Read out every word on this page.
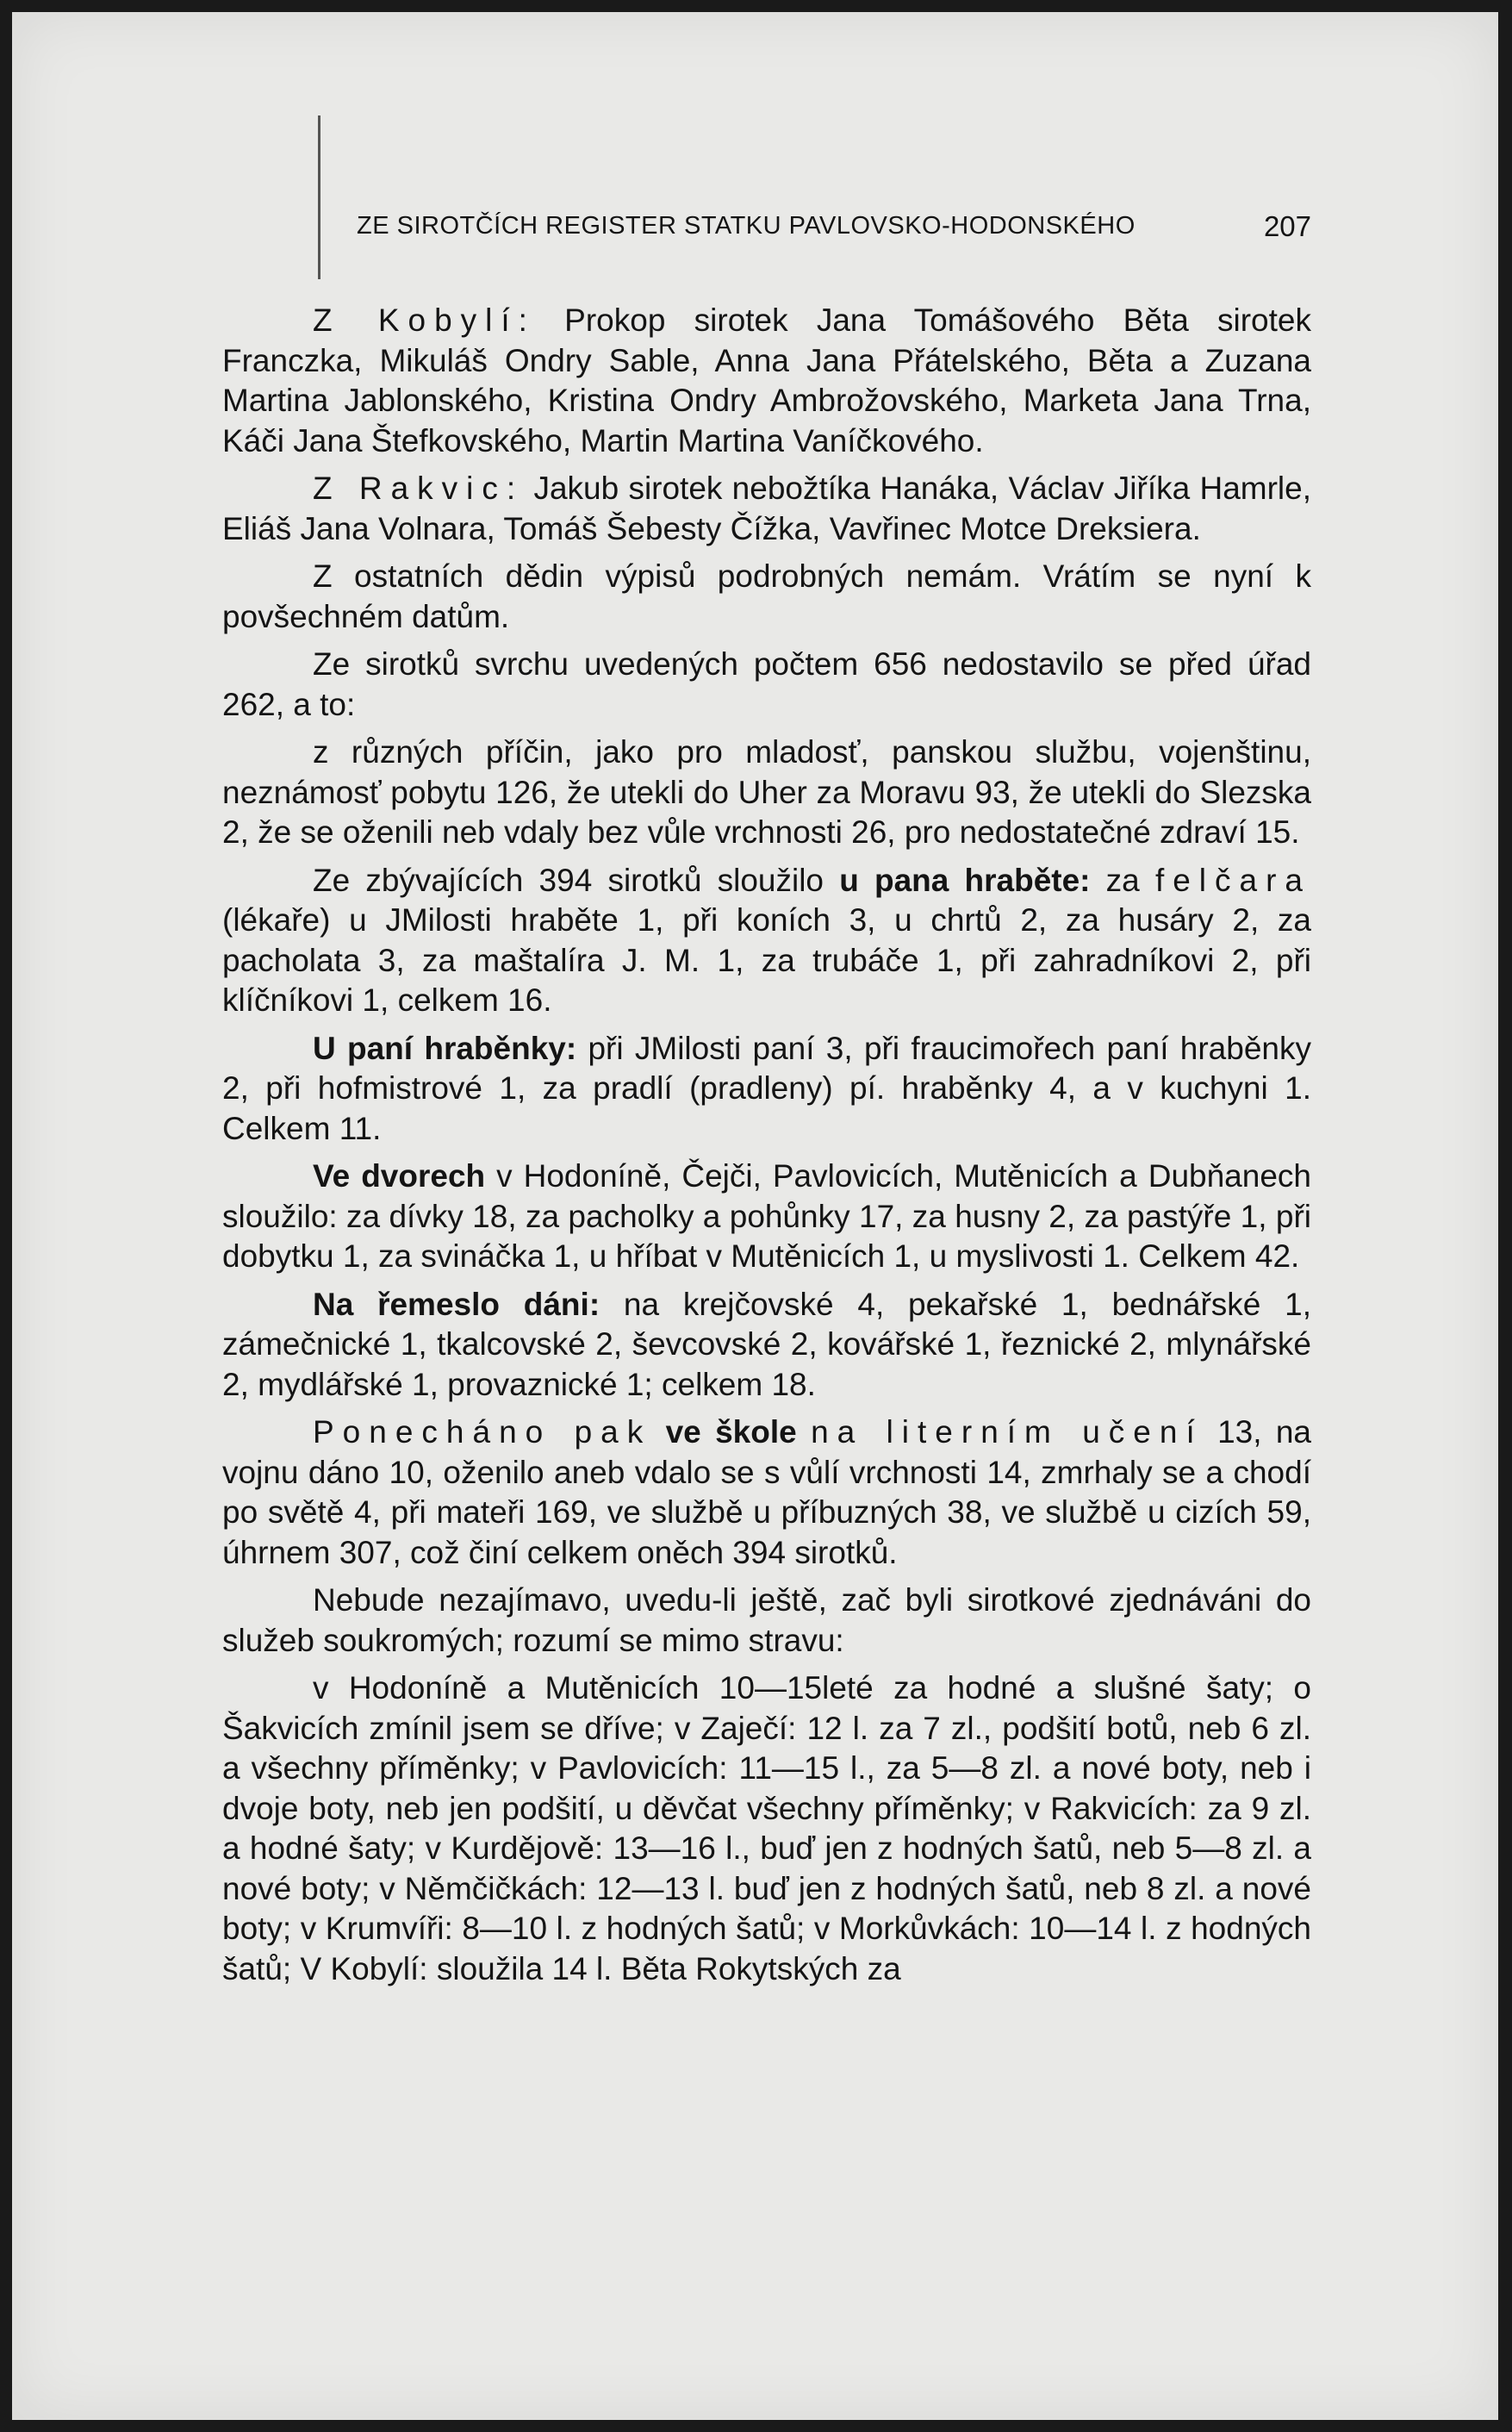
ZE SIROTČÍCH REGISTER STATKU PAVLOVSKO-HODONSKÉHO	207

Z Kobylí: Prokop sirotek Jana Tomášového Běta sirotek Franczka, Mikuláš Ondry Sable, Anna Jana Přátelského, Běta a Zuzana Martina Jablonského, Kristina Ondry Ambrožovského, Marketa Jana Trna, Káči Jana Štefkovského, Martin Martina Vaníčkového.

Z Rakvic: Jakub sirotek nebožtíka Hanáka, Václav Jiříka Hamrle, Eliáš Jana Volnara, Tomáš Šebesty Čížka, Vavřinec Motce Dreksiera.

Z ostatních dědin výpisů podrobných nemám. Vrátím se nyní k povšechném datům.

Ze sirotků svrchu uvedených počtem 656 nedostavilo se před úřad 262, a to:

z různých příčin, jako pro mladosť, panskou službu, vojenštinu, neznámosť pobytu 126, že utekli do Uher za Moravu 93, že utekli do Slezska 2, že se oženili neb vdaly bez vůle vrchnosti 26, pro nedostatečné zdraví 15.

Ze zbývajících 394 sirotků sloužilo u pana hraběte: za felčara (lékaře) u JMilosti hraběte 1, při koních 3, u chrtů 2, za husáry 2, za pacholata 3, za maštalíra J. M. 1, za trubáče 1, při zahradníkovi 2, při klíčníkovi 1, celkem 16.

U paní hraběnky: při JMilosti paní 3, při fraucimořech paní hraběnky 2, při hofmistrové 1, za pradlí (pradleny) pí. hraběnky 4, a v kuchyni 1. Celkem 11.

Ve dvorech v Hodoníně, Čejči, Pavlovicích, Mutěnicích a Dubňanech sloužilo: za dívky 18, za pacholky a pohůnky 17, za husny 2, za pastýře 1, při dobytku 1, za svináčka 1, u hříbat v Mutěnicích 1, u myslivosti 1. Celkem 42.

Na řemeslo dáni: na krejčovské 4, pekařské 1, bednářské 1, zámečnické 1, tkalcovské 2, ševcovské 2, kovářské 1, řeznické 2, mlynářské 2, mydlářské 1, provaznické 1; celkem 18.

Ponecháno pak ve škole na literním učení 13, na vojnu dáno 10, oženilo aneb vdalo se s vůlí vrchnosti 14, zmrhaly se a chodí po světě 4, při mateři 169, ve službě u příbuzných 38, ve službě u cizích 59, úhrnem 307, což činí celkem oněch 394 sirotků.

Nebude nezajímavo, uvedu-li ještě, zač byli sirotkové zjednáváni do služeb soukromých; rozumí se mimo stravu:

v Hodoníně a Mutěnicích 10—15leté za hodné a slušné šaty; o Šakvicích zmínil jsem se dříve; v Zaječí: 12 l. za 7 zl., podšití botů, neb 6 zl. a všechny příměnky; v Pavlovicích: 11—15 l., za 5—8 zl. a nové boty, neb i dvoje boty, neb jen podšití, u děvčat všechny příměnky; v Rakvicích: za 9 zl. a hodné šaty; v Kurdějově: 13—16 l., buď jen z hodných šatů, neb 5—8 zl. a nové boty; v Němčičkách: 12—13 l. buď jen z hodných šatů, neb 8 zl. a nové boty; v Krumvíři: 8—10 l. z hodných šatů; v Morkůvkách: 10—14 l. z hodných šatů; V Kobylí: sloužila 14 l. Běta Rokytských za
